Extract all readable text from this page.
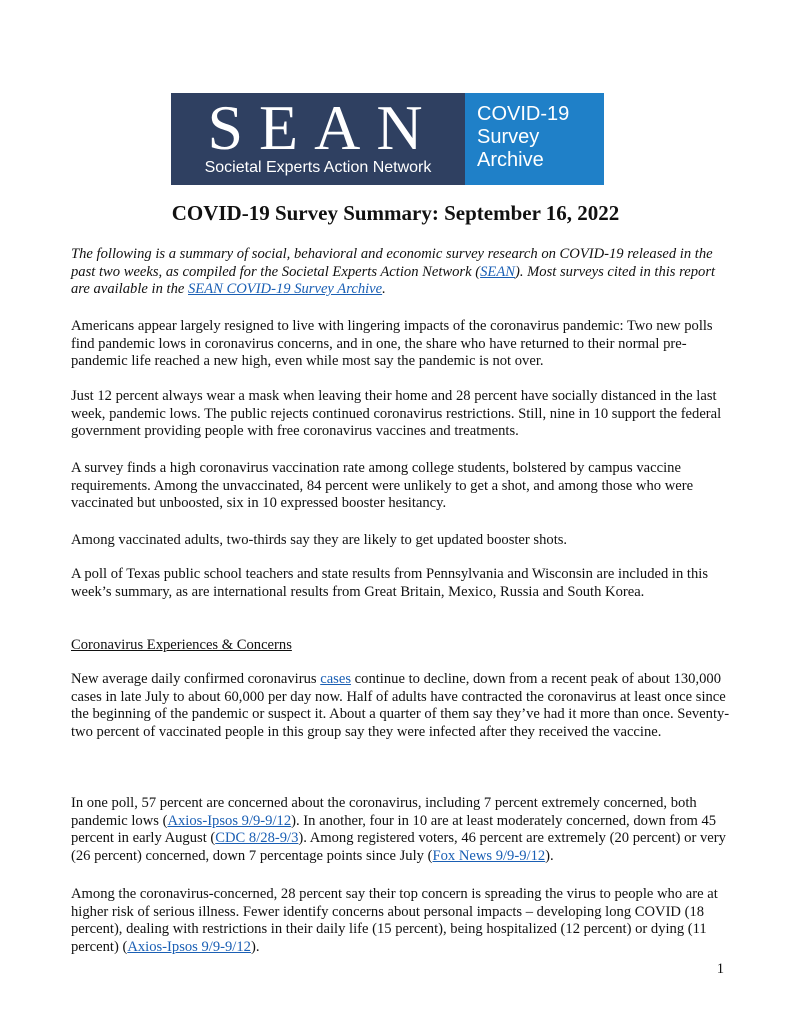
SEAN
Societal Experts Action Network
COVID-19
Survey
Archive
COVID-19 Survey Summary: September 16, 2022

The following is a summary of social, behavioral and economic survey research on COVID-19 released in the past two weeks, as compiled for the Societal Experts Action Network (SEAN). Most surveys cited in this report are available in the SEAN COVID-19 Survey Archive.

Americans appear largely resigned to live with lingering impacts of the coronavirus pandemic: Two new polls find pandemic lows in coronavirus concerns, and in one, the share who have returned to their normal pre-pandemic life reached a new high, even while most say the pandemic is not over.

Just 12 percent always wear a mask when leaving their home and 28 percent have socially distanced in the last week, pandemic lows. The public rejects continued coronavirus restrictions. Still, nine in 10 support the federal government providing people with free coronavirus vaccines and treatments.

A survey finds a high coronavirus vaccination rate among college students, bolstered by campus vaccine requirements. Among the unvaccinated, 84 percent were unlikely to get a shot, and among those who were vaccinated but unboosted, six in 10 expressed booster hesitancy.

Among vaccinated adults, two-thirds say they are likely to get updated booster shots.

A poll of Texas public school teachers and state results from Pennsylvania and Wisconsin are included in this week’s summary, as are international results from Great Britain, Mexico, Russia and South Korea.

Coronavirus Experiences & Concerns

New average daily confirmed coronavirus cases continue to decline, down from a recent peak of about 130,000 cases in late July to about 60,000 per day now. Half of adults have contracted the coronavirus at least once since the beginning of the pandemic or suspect it. About a quarter of them say they’ve had it more than once. Seventy-two percent of vaccinated people in this group say they were infected after they received the vaccine.

In one poll, 57 percent are concerned about the coronavirus, including 7 percent extremely concerned, both pandemic lows (Axios-Ipsos 9/9-9/12). In another, four in 10 are at least moderately concerned, down from 45 percent in early August (CDC 8/28-9/3). Among registered voters, 46 percent are extremely (20 percent) or very (26 percent) concerned, down 7 percentage points since July (Fox News 9/9-9/12).

Among the coronavirus-concerned, 28 percent say their top concern is spreading the virus to people who are at higher risk of serious illness. Fewer identify concerns about personal impacts – developing long COVID (18 percent), dealing with restrictions in their daily life (15 percent), being hospitalized (12 percent) or dying (11 percent) (Axios-Ipsos 9/9-9/12).

1
